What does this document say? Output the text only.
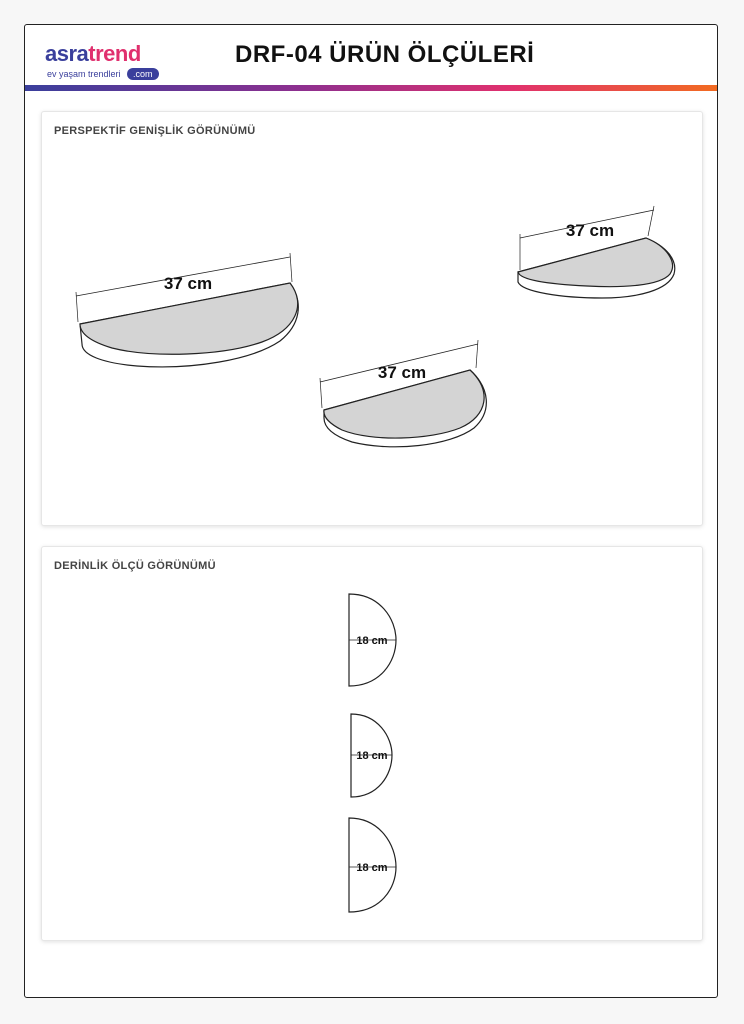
asratrend
ev yaşam trendleri	.com
DRF-04 ÜRÜN ÖLÇÜLERİ
PERSPEKTİF GENİŞLİK GÖRÜNÜMÜ
37 cm
37 cm
37 cm
DERİNLİK ÖLÇÜ GÖRÜNÜMÜ
18 cm
18 cm
18 cm
